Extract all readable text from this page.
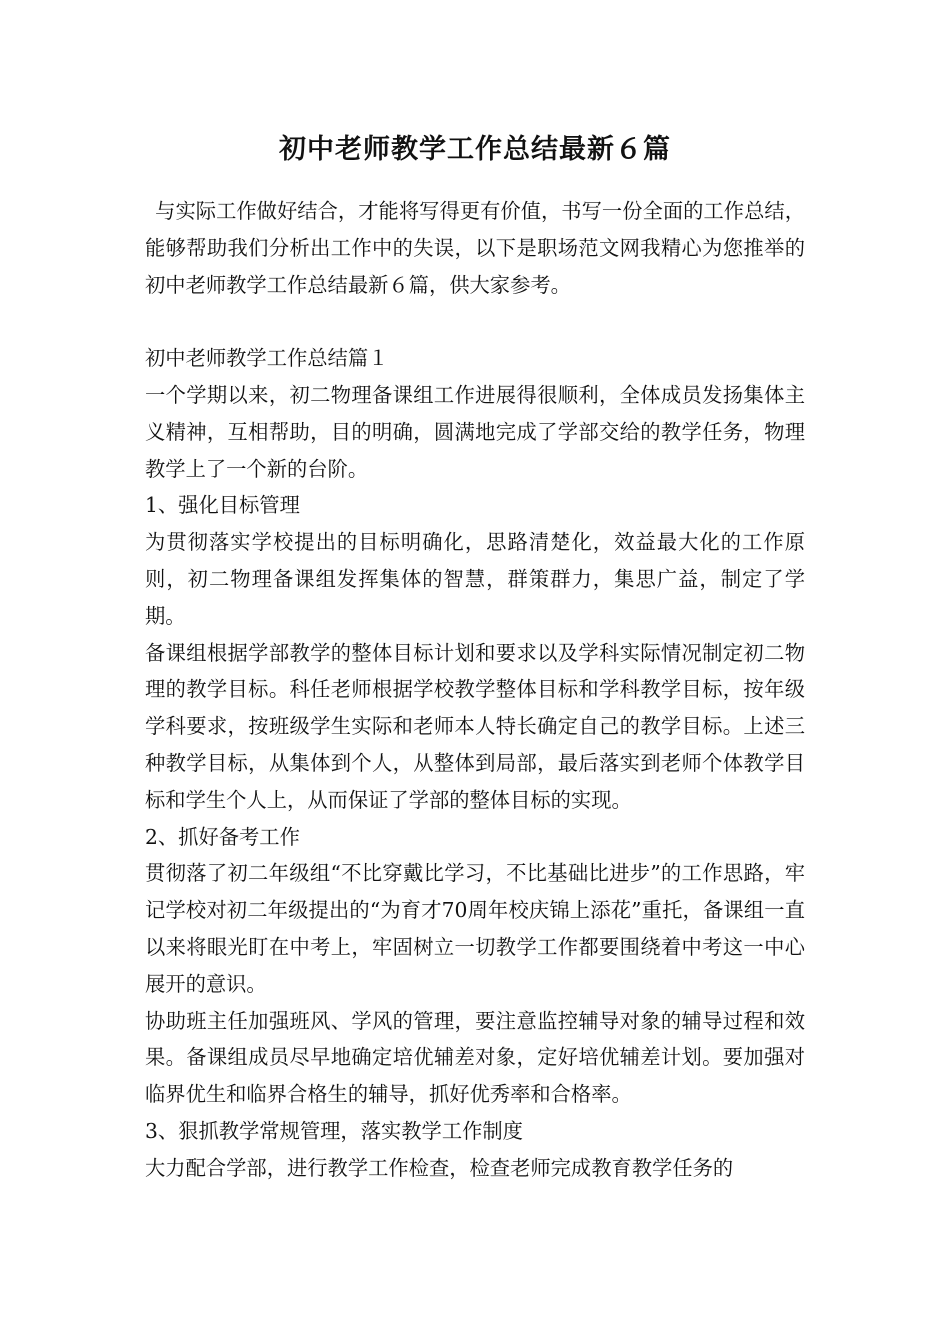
初中老师教学工作总结最新６篇

与实际工作做好结合，才能将写得更有价值，书写一份全面的工作总结，能够帮助我们分析出工作中的失误，以下是职场范文网我精心为您推举的初中老师教学工作总结最新６篇，供大家参考。

初中老师教学工作总结篇１

一个学期以来，初二物理备课组工作进展得很顺利，全体成员发扬集体主义精神，互相帮助，目的明确，圆满地完成了学部交给的教学任务，物理教学上了一个新的台阶。

1、强化目标管理

为贯彻落实学校提出的目标明确化，思路清楚化，效益最大化的工作原则，初二物理备课组发挥集体的智慧，群策群力，集思广益，制定了学期。

备课组根据学部教学的整体目标计划和要求以及学科实际情况制定初二物理的教学目标。科任老师根据学校教学整体目标和学科教学目标，按年级学科要求，按班级学生实际和老师本人特长确定自己的教学目标。上述三种教学目标，从集体到个人，从整体到局部，最后落实到老师个体教学目标和学生个人上，从而保证了学部的整体目标的实现。

2、抓好备考工作

贯彻落了初二年级组“不比穿戴比学习，不比基础比进步”的工作思路，牢记学校对初二年级提出的“为育才70周年校庆锦上添花”重托，备课组一直以来将眼光盯在中考上，牢固树立一切教学工作都要围绕着中考这一中心展开的意识。

协助班主任加强班风、学风的管理，要注意监控辅导对象的辅导过程和效果。备课组成员尽早地确定培优辅差对象，定好培优辅差计划。要加强对临界优生和临界合格生的辅导，抓好优秀率和合格率。

3、狠抓教学常规管理，落实教学工作制度

大力配合学部，进行教学工作检查，检查老师完成教育教学任务的
